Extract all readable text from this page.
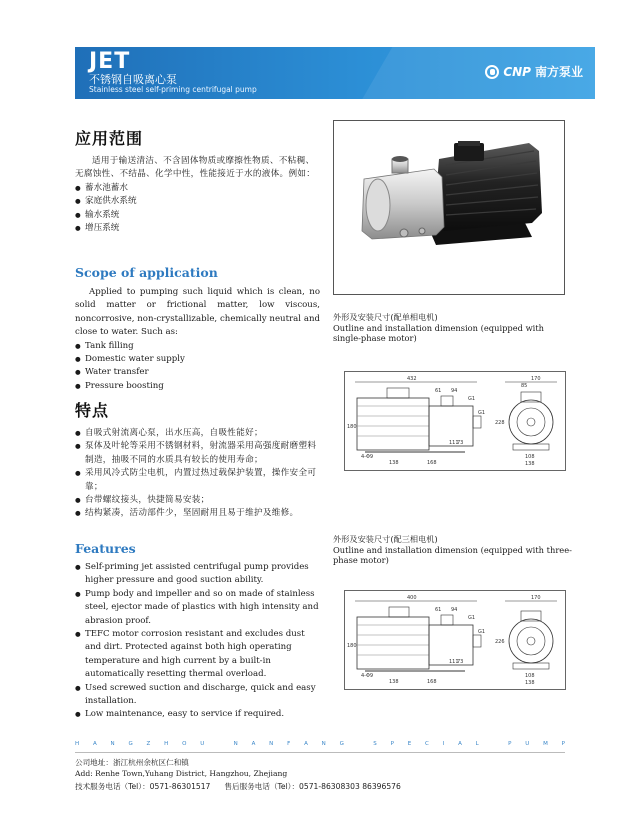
JET
不锈钢自吸离心泵
Stainless steel self-priming centrifugal pump
CNP 南方泵业
应用范围
适用于输送清洁、不含固体物质或摩擦性物质、不粘稠、无腐蚀性、不结晶、化学中性，性能接近于水的液体。例如：
● 蓄水池蓄水
● 家庭供水系统
● 输水系统
● 增压系统
Scope of application
Applied to pumping such liquid which is clean, no solid matter or frictional matter, low viscous, noncorrosive, non-crystallizable, chemically neutral and close to water. Such as:
● Tank filling
● Domestic water supply
● Water transfer
● Pressure boosting
特点
● 自吸式射流离心泵，出水压高，自吸性能好；
● 泵体及叶轮等采用不锈钢材料，射流器采用高强度耐磨塑料制造，抽吸不同的水质具有较长的使用寿命；
● 采用风冷式防尘电机，内置过热过载保护装置，操作安全可靠；
● 台带螺纹接头，快捷简易安装；
● 结构紧凑，活动部件少，坚固耐用且易于维护及维修。
Features
● Self-priming jet assisted centrifugal pump provides higher pressure and good suction ability.
● Pump body and impeller and so on made of stainless steel, ejector made of plastics with high intensity and abrasion proof.
● TEFC motor corrosion resistant and excludes dust and dirt. Protected against both high operating temperature and high current by a built-in automatically resetting thermal overload.
● Used screwed suction and discharge, quick and easy installation.
● Low maintenance, easy to service if required.
外形及安装尺寸(配单相电机)
Outline and installation dimension (equipped with single-phase motor)
432
61 94
G1
G1
180
111
73
4-Φ9
138	168
170
85
228
108
138
外形及安装尺寸(配三相电机)
Outline and installation dimension (equipped with three-phase motor)
400
61 94
G1
G1
180
111
73
4-Φ9
138	168
170
226
108
138
H	A	N	G	Z	H	O	U
	N	A	N	F	A	N	G
	S	P	E	C	I	A	L
	P	U	M	P
公司地址：浙江杭州余杭区仁和镇
Add: Renhe Town,Yuhang District, Hangzhou, Zhejiang
技术服务电话（Tel）：0571-86301517 售后服务电话（Tel）：0571-86308303 86396576
